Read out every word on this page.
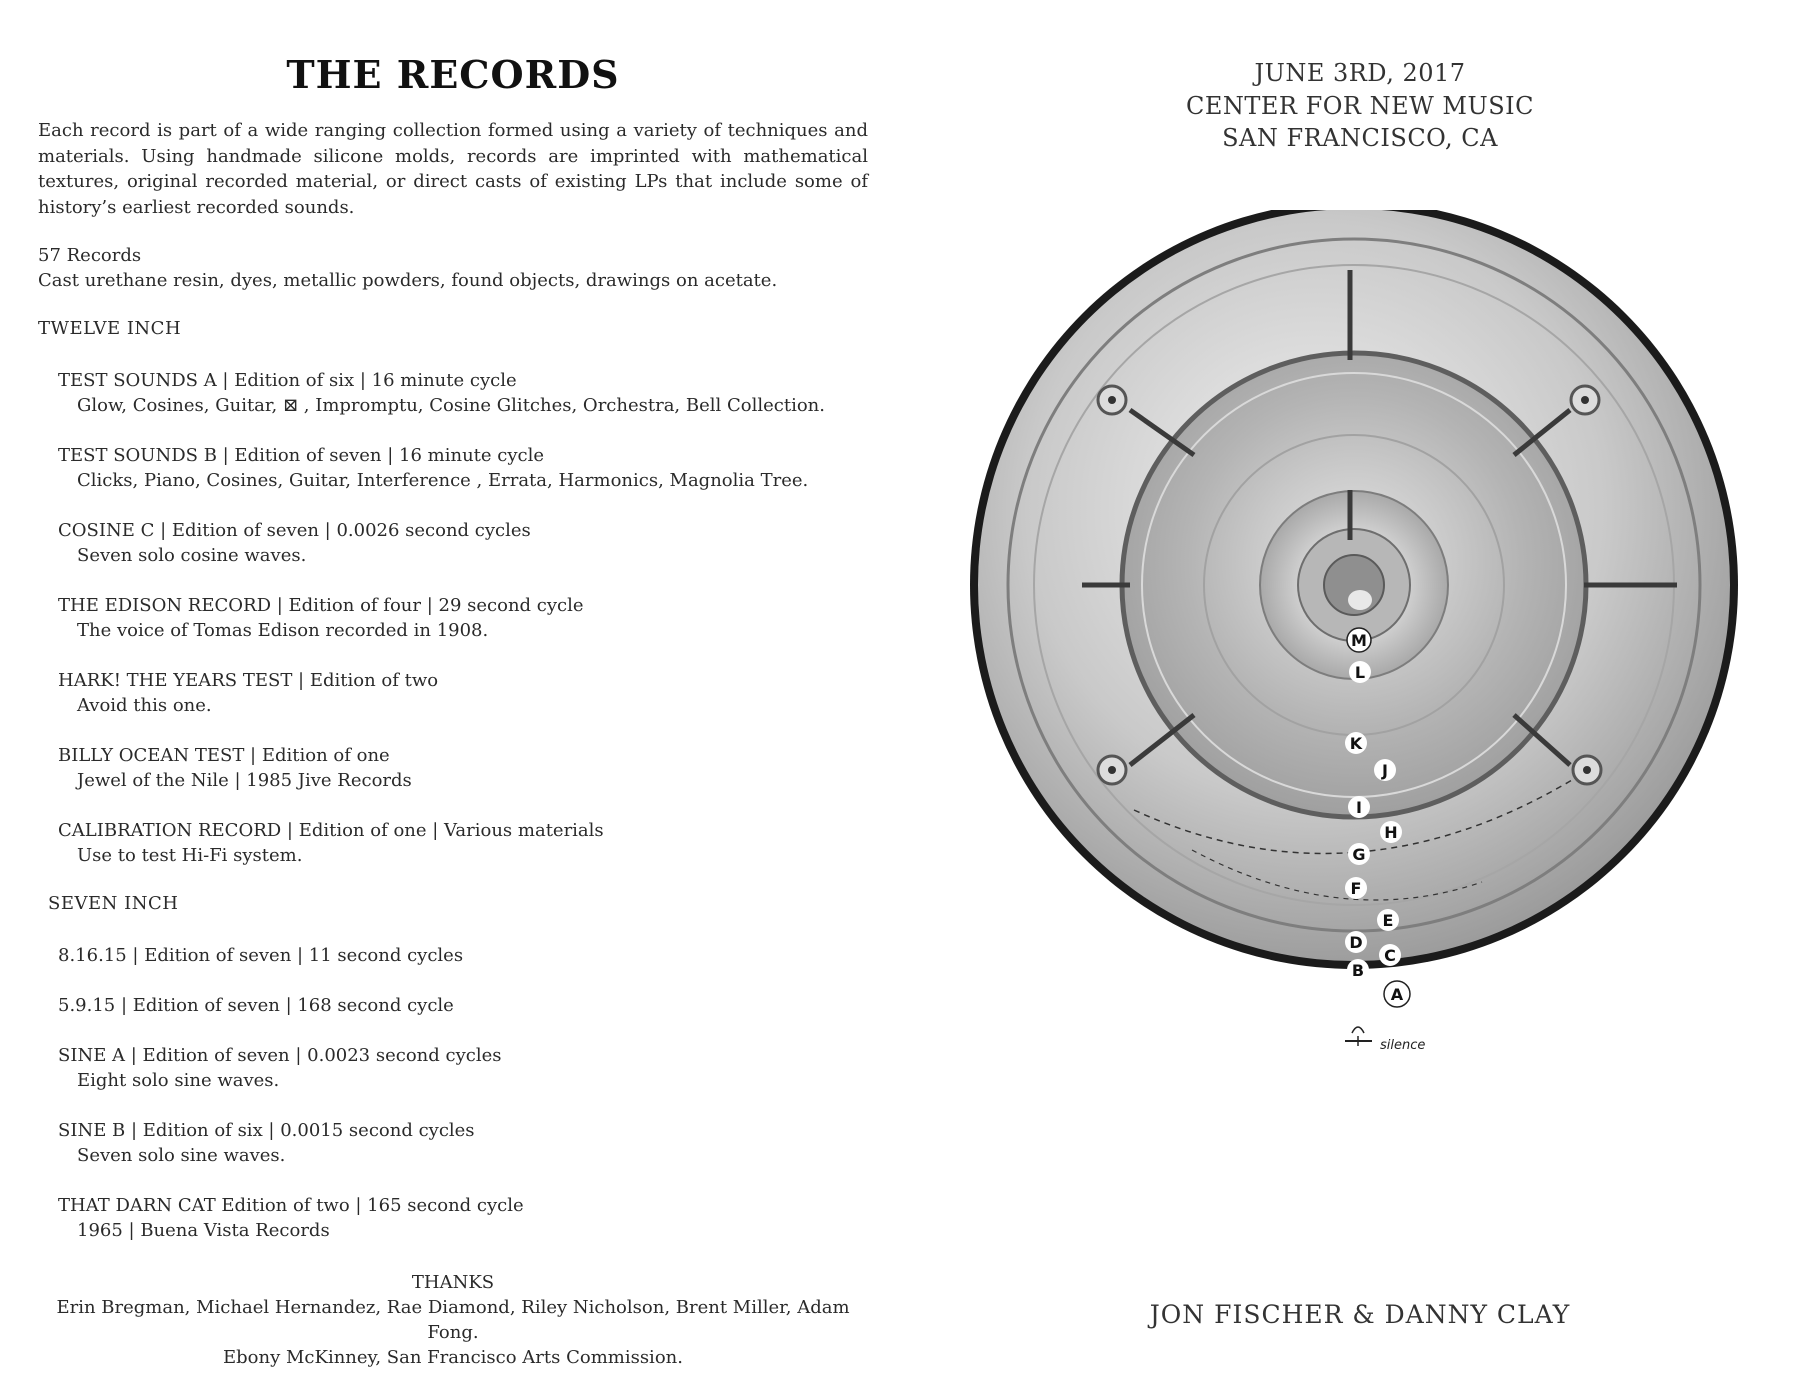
THE RECORDS
Each record is part of a wide ranging collection formed using a variety of techniques and materials. Using handmade silicone molds, records are imprinted with mathematical textures, original recorded material, or direct casts of existing LPs that include some of history’s earliest recorded sounds.
57 Records
Cast urethane resin, dyes, metallic powders, found objects, drawings on acetate.
TWELVE INCH
TEST SOUNDS A | Edition of six | 16 minute cycle
Glow, Cosines, Guitar, ⊠ , Impromptu, Cosine Glitches, Orchestra, Bell Collection.
TEST SOUNDS B | Edition of seven | 16 minute cycle
Clicks, Piano, Cosines, Guitar, Interference , Errata, Harmonics, Magnolia Tree.
COSINE C | Edition of seven | 0.0026 second cycles
Seven solo cosine waves.
THE EDISON RECORD | Edition of four | 29 second cycle
The voice of Tomas Edison recorded in 1908.
HARK! THE YEARS TEST | Edition of two
Avoid this one.
BILLY OCEAN TEST | Edition of one
Jewel of the Nile | 1985 Jive Records
CALIBRATION RECORD | Edition of one | Various materials
Use to test Hi-Fi system.
SEVEN INCH
8.16.15 | Edition of seven | 11 second cycles
5.9.15 | Edition of seven | 168 second cycle
SINE A | Edition of seven | 0.0023 second cycles
Eight solo sine waves.
SINE B | Edition of six | 0.0015 second cycles
Seven solo sine waves.
THAT DARN CAT Edition of two | 165 second cycle
1965 | Buena Vista Records
THANKS
Erin Bregman, Michael Hernandez, Rae Diamond, Riley Nicholson, Brent Miller, Adam Fong.
Ebony McKinney, San Francisco Arts Commission.
JUNE 3RD, 2017
CENTER FOR NEW MUSIC
SAN FRANCISCO, CA
JON FISCHER & DANNY CLAY
M
L
K
J
I
H
G
F
E
D
C
B
A
silence
